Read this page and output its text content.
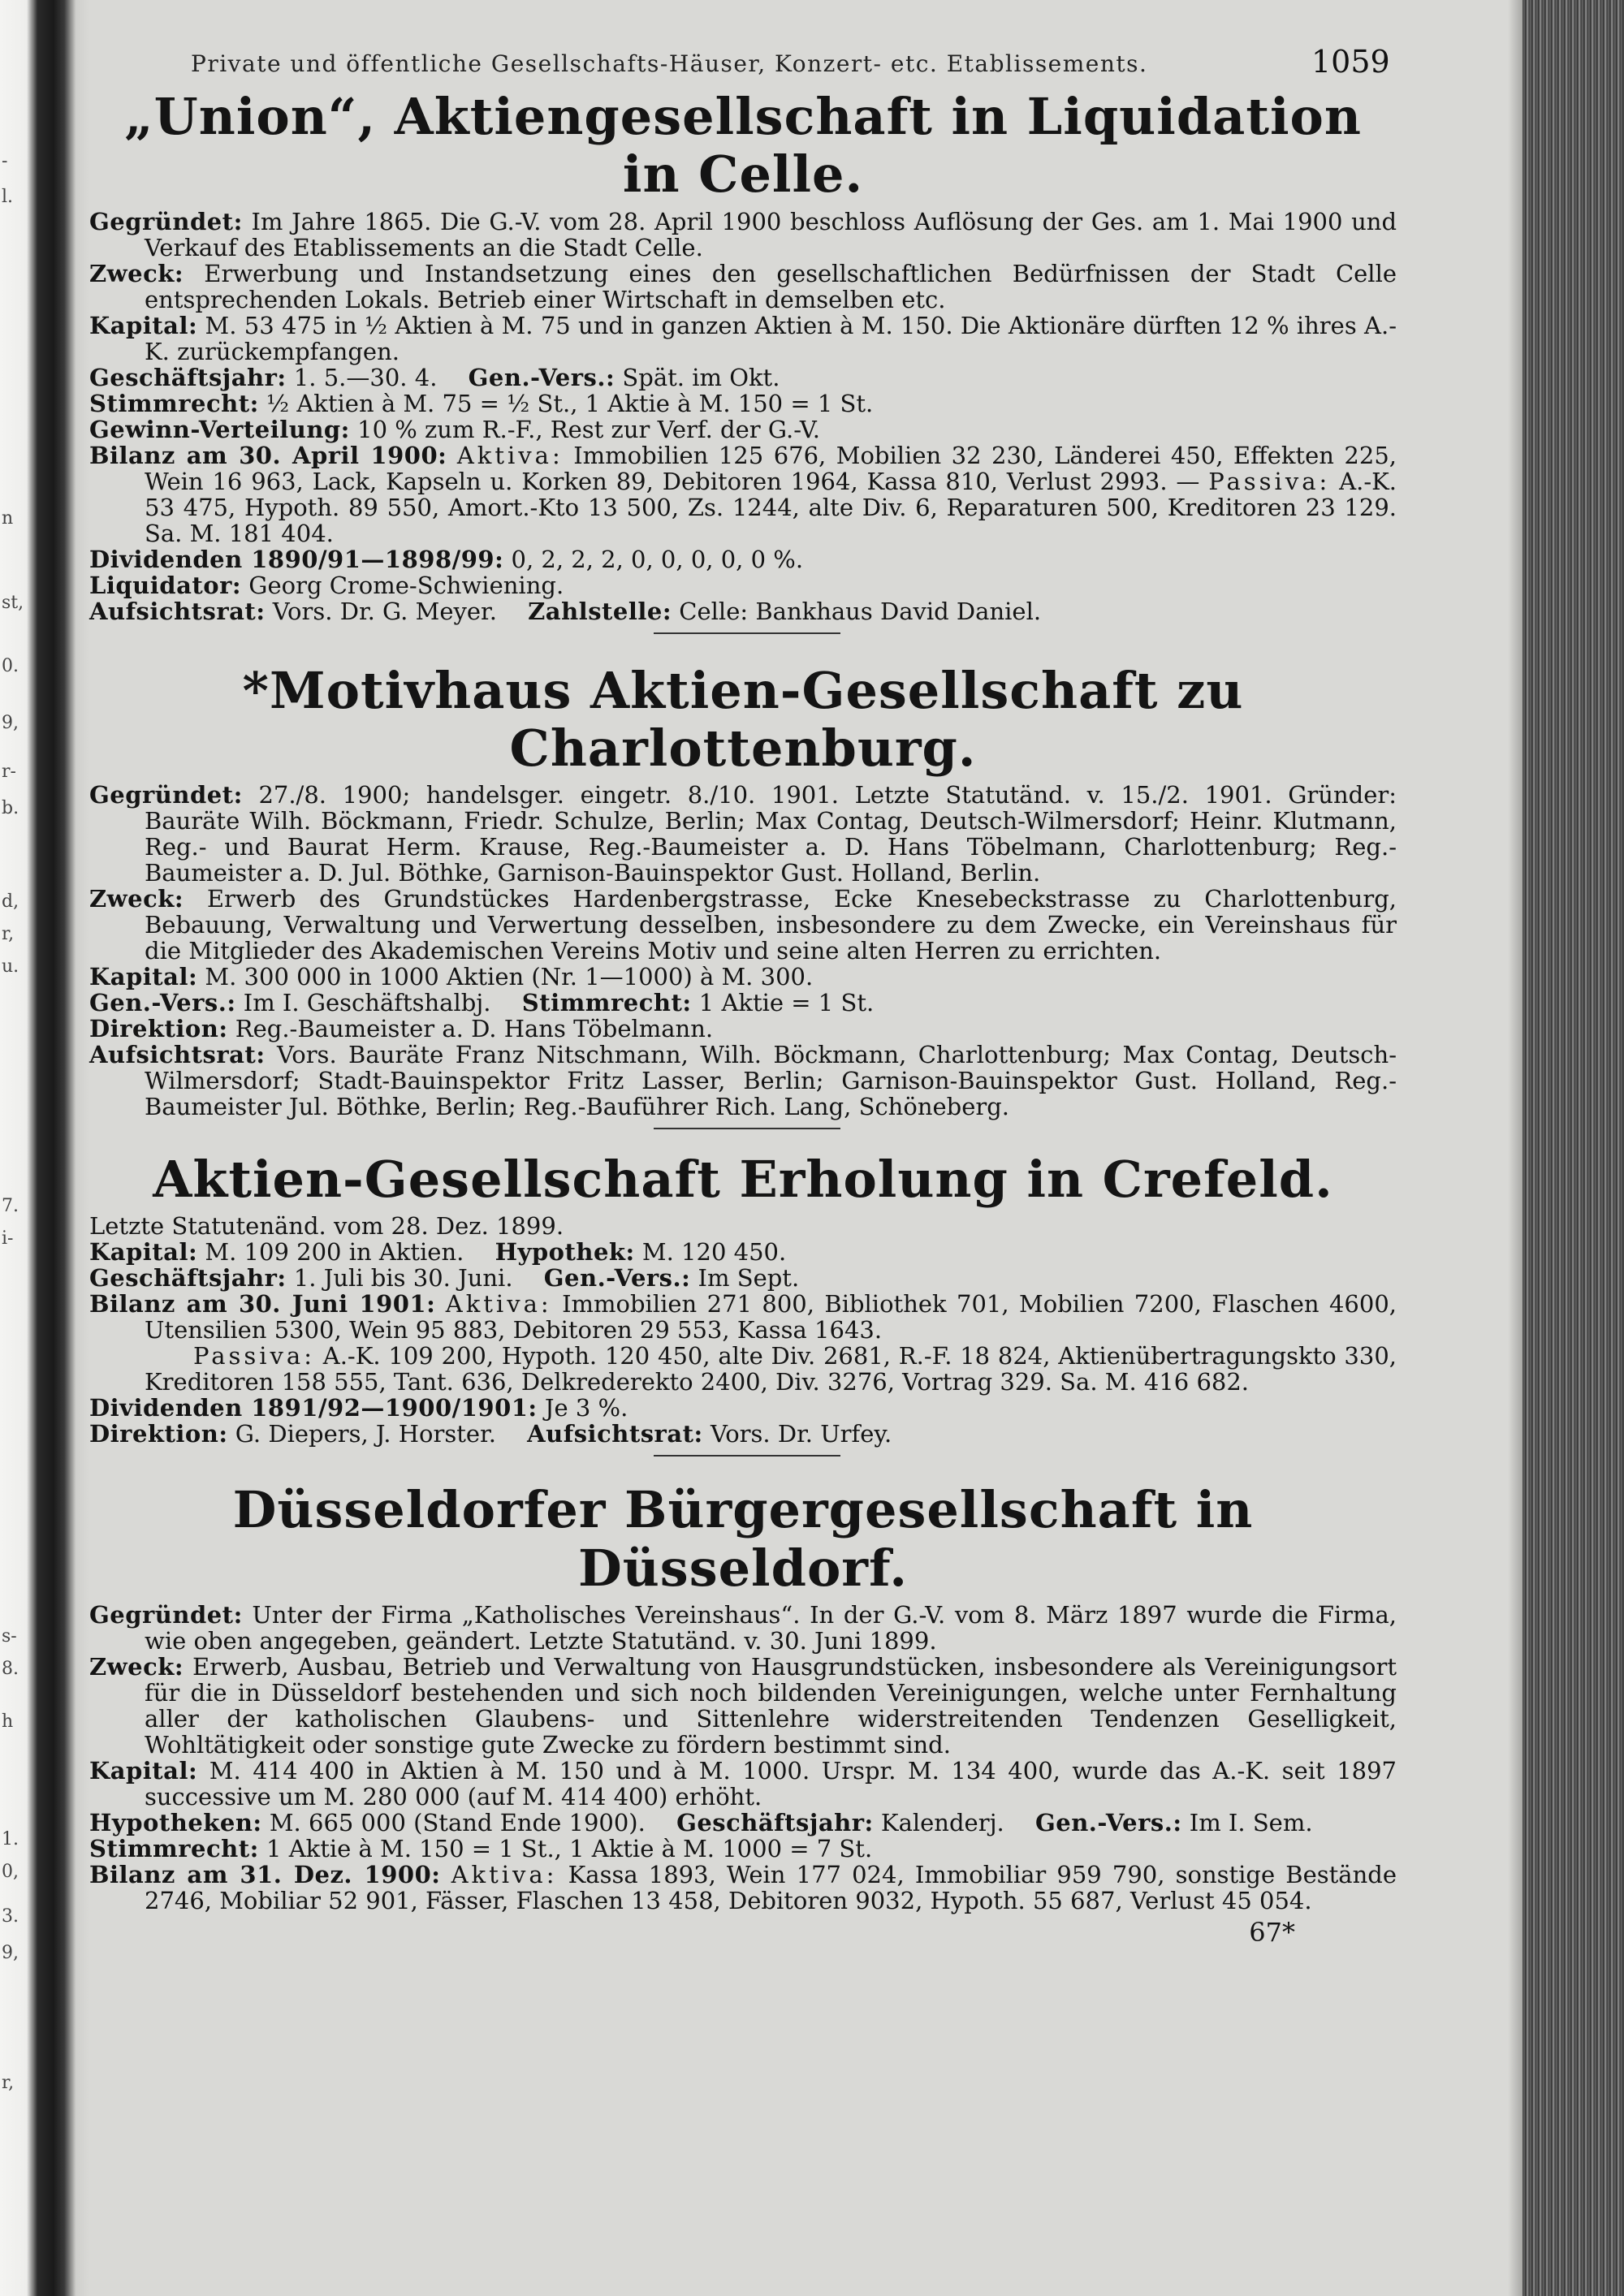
-
l.
n
st,
0.
9,
r-
b.
d,
r,
u.
7.
i-
s-
8.
h
1.
0,
3.
9,
r,
Private und öffentliche Gesellschafts-Häuser, Konzert- etc. Etablissements.	1059
„Union“, Aktiengesellschaft in Liquidation in Celle.

Gegründet: Im Jahre 1865. Die G.-V. vom 28. April 1900 beschloss Auflösung der Ges. am 1. Mai 1900 und Verkauf des Etablissements an die Stadt Celle.

Zweck: Erwerbung und Instandsetzung eines den gesellschaftlichen Bedürfnissen der Stadt Celle entsprechenden Lokals. Betrieb einer Wirtschaft in demselben etc.

Kapital: M. 53 475 in ½ Aktien à M. 75 und in ganzen Aktien à M. 150. Die Aktionäre dürften 12 % ihres A.-K. zurückempfangen.

Geschäftsjahr: 1. 5.—30. 4.   Gen.-Vers.: Spät. im Okt.

Stimmrecht: ½ Aktien à M. 75 = ½ St., 1 Aktie à M. 150 = 1 St.

Gewinn-Verteilung: 10 % zum R.-F., Rest zur Verf. der G.-V.

Bilanz am 30. April 1900: Aktiva: Immobilien 125 676, Mobilien 32 230, Länderei 450, Effekten 225, Wein 16 963, Lack, Kapseln u. Korken 89, Debitoren 1964, Kassa 810, Verlust 2993. — Passiva: A.-K. 53 475, Hypoth. 89 550, Amort.-Kto 13 500, Zs. 1244, alte Div. 6, Reparaturen 500, Kreditoren 23 129. Sa. M. 181 404.

Dividenden 1890/91—1898/99: 0, 2, 2, 2, 0, 0, 0, 0, 0 %.

Liquidator: Georg Crome-Schwiening.

Aufsichtsrat: Vors. Dr. G. Meyer.   Zahlstelle: Celle: Bankhaus David Daniel.

*Motivhaus Aktien-Gesellschaft zu Charlottenburg.

Gegründet: 27./8. 1900; handelsger. eingetr. 8./10. 1901. Letzte Statutänd. v. 15./2. 1901. Gründer: Bauräte Wilh. Böckmann, Friedr. Schulze, Berlin; Max Contag, Deutsch-Wilmersdorf; Heinr. Klutmann, Reg.- und Baurat Herm. Krause, Reg.-Baumeister a. D. Hans Töbelmann, Charlottenburg; Reg.-Baumeister a. D. Jul. Böthke, Garnison-Bauinspektor Gust. Holland, Berlin.

Zweck: Erwerb des Grundstückes Hardenbergstrasse, Ecke Knesebeckstrasse zu Charlottenburg, Bebauung, Verwaltung und Verwertung desselben, insbesondere zu dem Zwecke, ein Vereinshaus für die Mitglieder des Akademischen Vereins Motiv und seine alten Herren zu errichten.

Kapital: M. 300 000 in 1000 Aktien (Nr. 1—1000) à M. 300.

Gen.-Vers.: Im I. Geschäftshalbj.   Stimmrecht: 1 Aktie = 1 St.

Direktion: Reg.-Baumeister a. D. Hans Töbelmann.

Aufsichtsrat: Vors. Bauräte Franz Nitschmann, Wilh. Böckmann, Charlottenburg; Max Contag, Deutsch-Wilmersdorf; Stadt-Bauinspektor Fritz Lasser, Berlin; Garnison-Bauinspektor Gust. Holland, Reg.-Baumeister Jul. Böthke, Berlin; Reg.-Bauführer Rich. Lang, Schöneberg.

Aktien-Gesellschaft Erholung in Crefeld.

Letzte Statutenänd. vom 28. Dez. 1899.

Kapital: M. 109 200 in Aktien.   Hypothek: M. 120 450.

Geschäftsjahr: 1. Juli bis 30. Juni.   Gen.-Vers.: Im Sept.

Bilanz am 30. Juni 1901: Aktiva: Immobilien 271 800, Bibliothek 701, Mobilien 7200, Flaschen 4600, Utensilien 5300, Wein 95 883, Debitoren 29 553, Kassa 1643.

Passiva: A.-K. 109 200, Hypoth. 120 450, alte Div. 2681, R.-F. 18 824, Aktienübertragungskto 330, Kreditoren 158 555, Tant. 636, Delkrederekto 2400, Div. 3276, Vortrag 329. Sa. M. 416 682.

Dividenden 1891/92—1900/1901: Je 3 %.

Direktion: G. Diepers, J. Horster.   Aufsichtsrat: Vors. Dr. Urfey.

Düsseldorfer Bürgergesellschaft in Düsseldorf.

Gegründet: Unter der Firma „Katholisches Vereinshaus“. In der G.-V. vom 8. März 1897 wurde die Firma, wie oben angegeben, geändert. Letzte Statutänd. v. 30. Juni 1899.

Zweck: Erwerb, Ausbau, Betrieb und Verwaltung von Hausgrundstücken, insbesondere als Vereinigungsort für die in Düsseldorf bestehenden und sich noch bildenden Vereinigungen, welche unter Fernhaltung aller der katholischen Glaubens- und Sittenlehre widerstreitenden Tendenzen Geselligkeit, Wohltätigkeit oder sonstige gute Zwecke zu fördern bestimmt sind.

Kapital: M. 414 400 in Aktien à M. 150 und à M. 1000. Urspr. M. 134 400, wurde das A.-K. seit 1897 successive um M. 280 000 (auf M. 414 400) erhöht.

Hypotheken: M. 665 000 (Stand Ende 1900).   Geschäftsjahr: Kalenderj.   Gen.-Vers.: Im I. Sem.

Stimmrecht: 1 Aktie à M. 150 = 1 St., 1 Aktie à M. 1000 = 7 St.

Bilanz am 31. Dez. 1900: Aktiva: Kassa 1893, Wein 177 024, Immobiliar 959 790, sonstige Bestände 2746, Mobiliar 52 901, Fässer, Flaschen 13 458, Debitoren 9032, Hypoth. 55 687, Verlust 45 054.

67*
